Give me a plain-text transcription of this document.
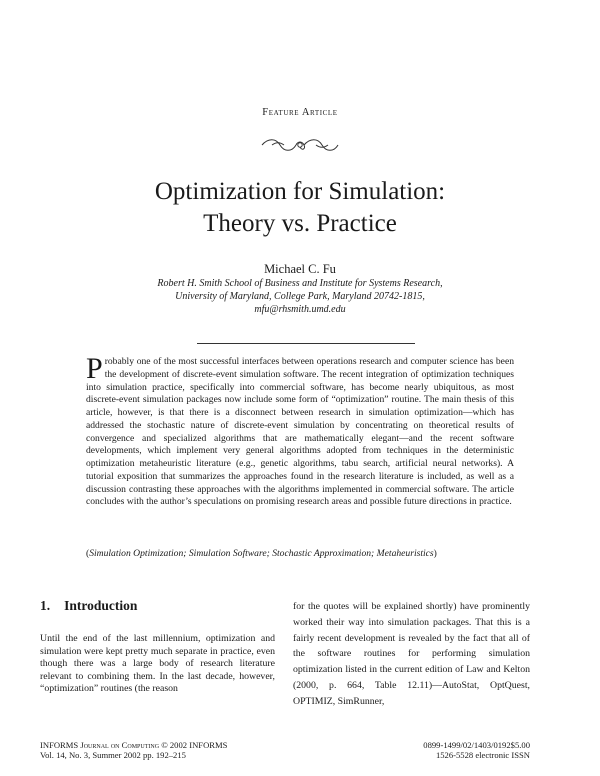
Feature Article
Optimization for Simulation:
Theory vs. Practice
Michael C. Fu
Robert H. Smith School of Business and Institute for Systems Research,
University of Maryland, College Park, Maryland 20742-1815,
mfu@rhsmith.umd.edu

Probably one of the most successful interfaces between operations research and computer science has been the development of discrete-event simulation software. The recent integration of optimization techniques into simulation practice, specifically into commercial software, has become nearly ubiquitous, as most discrete-event simulation packages now include some form of “optimization” routine. The main thesis of this article, however, is that there is a disconnect between research in simulation optimization—which has addressed the stochastic nature of discrete-event simulation by concentrating on theoretical results of convergence and specialized algorithms that are mathematically elegant—and the recent software developments, which implement very general algorithms adopted from techniques in the deterministic optimization metaheuristic literature (e.g., genetic algorithms, tabu search, artificial neural networks). A tutorial exposition that summarizes the approaches found in the research literature is included, as well as a discussion contrasting these approaches with the algorithms implemented in commercial software. The article concludes with the author’s speculations on promising research areas and possible future directions in practice.

(Simulation Optimization; Simulation Software; Stochastic Approximation; Metaheuristics)
1. Introduction

Until the end of the last millennium, optimization and simulation were kept pretty much separate in practice, even though there was a large body of research literature relevant to combining them. In the last decade, however, “optimization” routines (the reason

for the quotes will be explained shortly) have prominently worked their way into simulation packages. That this is a fairly recent development is revealed by the fact that all of the software routines for performing simulation optimization listed in the current edition of Law and Kelton (2000, p. 664, Table 12.11)—AutoStat, OptQuest, OPTIMIZ, SimRunner,

INFORMS Journal on Computing © 2002 INFORMS
Vol. 14, No. 3, Summer 2002 pp. 192–215
0899-1499/02/1403/0192$5.00
1526-5528 electronic ISSN
